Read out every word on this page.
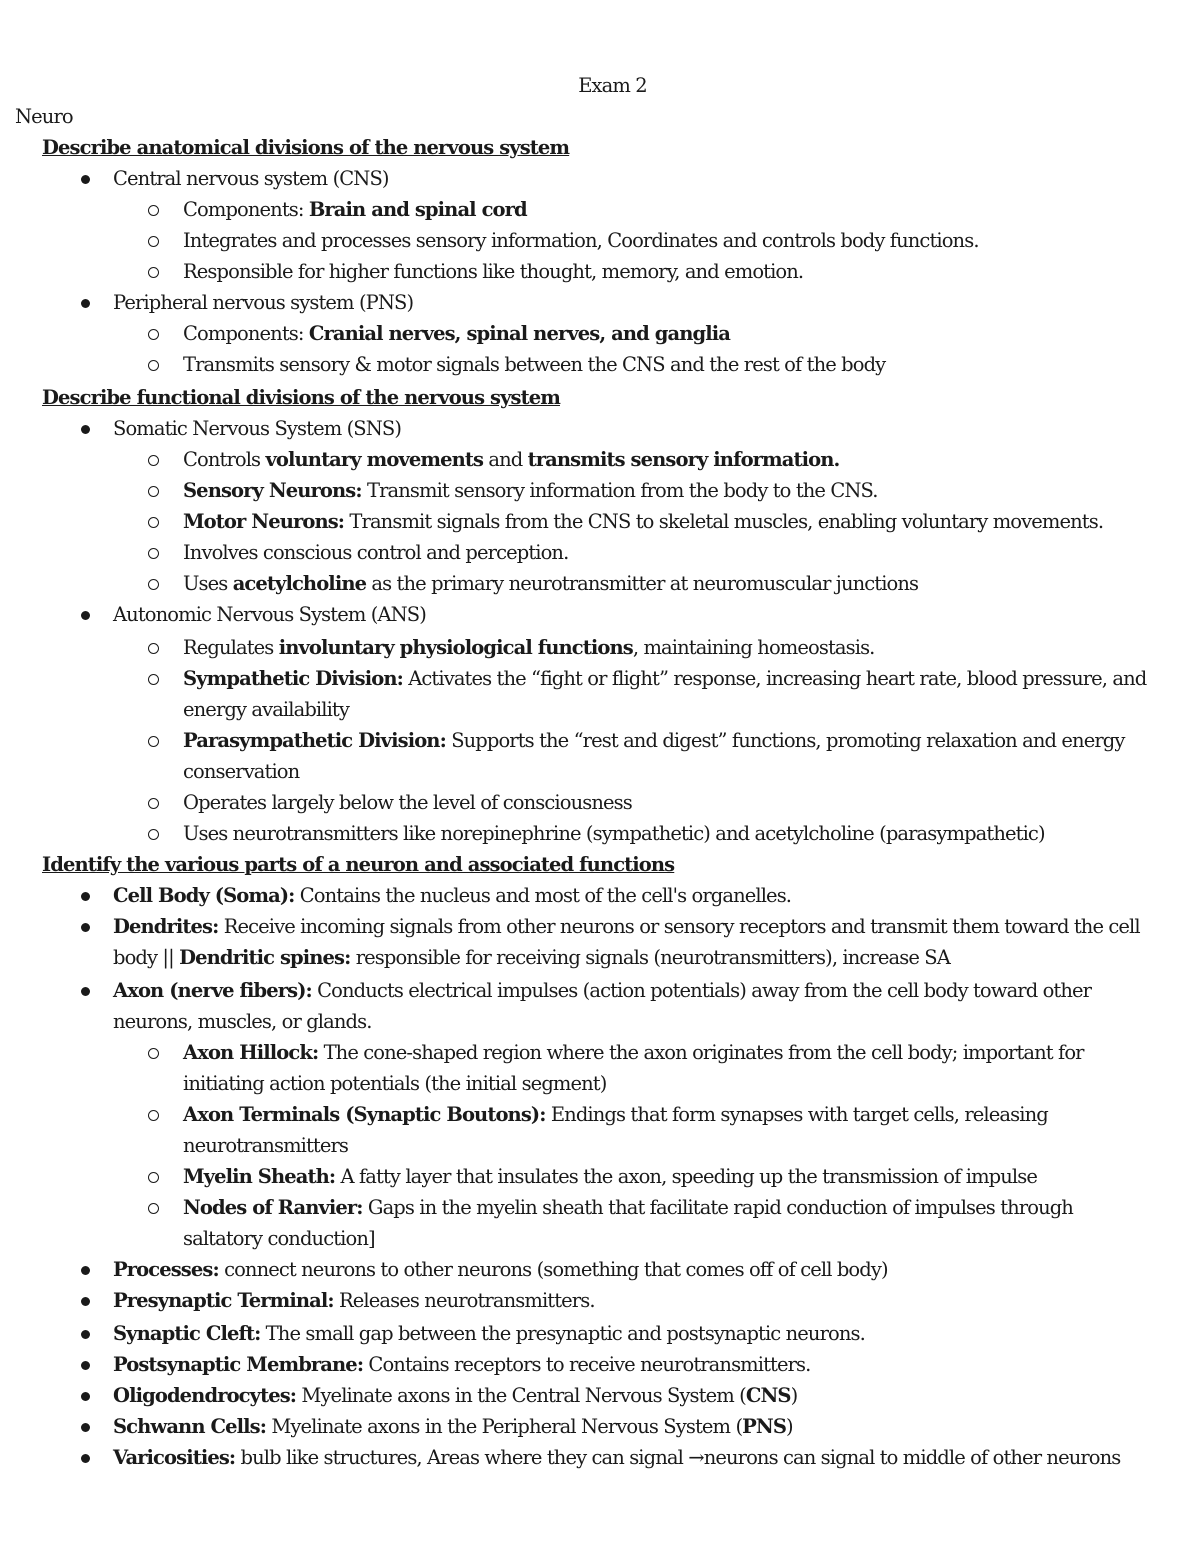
Exam 2
Neuro
Describe anatomical divisions of the nervous system
Central nervous system (CNS)
Components: Brain and spinal cord
Integrates and processes sensory information, Coordinates and controls body functions.
Responsible for higher functions like thought, memory, and emotion.
Peripheral nervous system (PNS)
Components: Cranial nerves, spinal nerves, and ganglia
Transmits sensory & motor signals between the CNS and the rest of the body
Describe functional divisions of the nervous system
Somatic Nervous System (SNS)
Controls voluntary movements and transmits sensory information.
Sensory Neurons: Transmit sensory information from the body to the CNS.
Motor Neurons: Transmit signals from the CNS to skeletal muscles, enabling voluntary movements.
Involves conscious control and perception.
Uses acetylcholine as the primary neurotransmitter at neuromuscular junctions
Autonomic Nervous System (ANS)
Regulates involuntary physiological functions, maintaining homeostasis.
Sympathetic Division: Activates the “fight or flight” response, increasing heart rate, blood pressure, and
energy availability
Parasympathetic Division: Supports the “rest and digest” functions, promoting relaxation and energy
conservation
Operates largely below the level of consciousness
Uses neurotransmitters like norepinephrine (sympathetic) and acetylcholine (parasympathetic)
Identify the various parts of a neuron and associated functions
Cell Body (Soma): Contains the nucleus and most of the cell's organelles.
Dendrites: Receive incoming signals from other neurons or sensory receptors and transmit them toward the cell
body || Dendritic spines: responsible for receiving signals (neurotransmitters), increase SA
Axon (nerve fibers): Conducts electrical impulses (action potentials) away from the cell body toward other
neurons, muscles, or glands.
Axon Hillock: The cone-shaped region where the axon originates from the cell body; important for
initiating action potentials (the initial segment)
Axon Terminals (Synaptic Boutons): Endings that form synapses with target cells, releasing
neurotransmitters
Myelin Sheath: A fatty layer that insulates the axon, speeding up the transmission of impulse
Nodes of Ranvier: Gaps in the myelin sheath that facilitate rapid conduction of impulses through
saltatory conduction]
Processes: connect neurons to other neurons (something that comes off of cell body)
Presynaptic Terminal: Releases neurotransmitters.
Synaptic Cleft: The small gap between the presynaptic and postsynaptic neurons.
Postsynaptic Membrane: Contains receptors to receive neurotransmitters.
Oligodendrocytes: Myelinate axons in the Central Nervous System (CNS)
Schwann Cells: Myelinate axons in the Peripheral Nervous System (PNS)
Varicosities: bulb like structures, Areas where they can signal →neurons can signal to middle of other neurons
